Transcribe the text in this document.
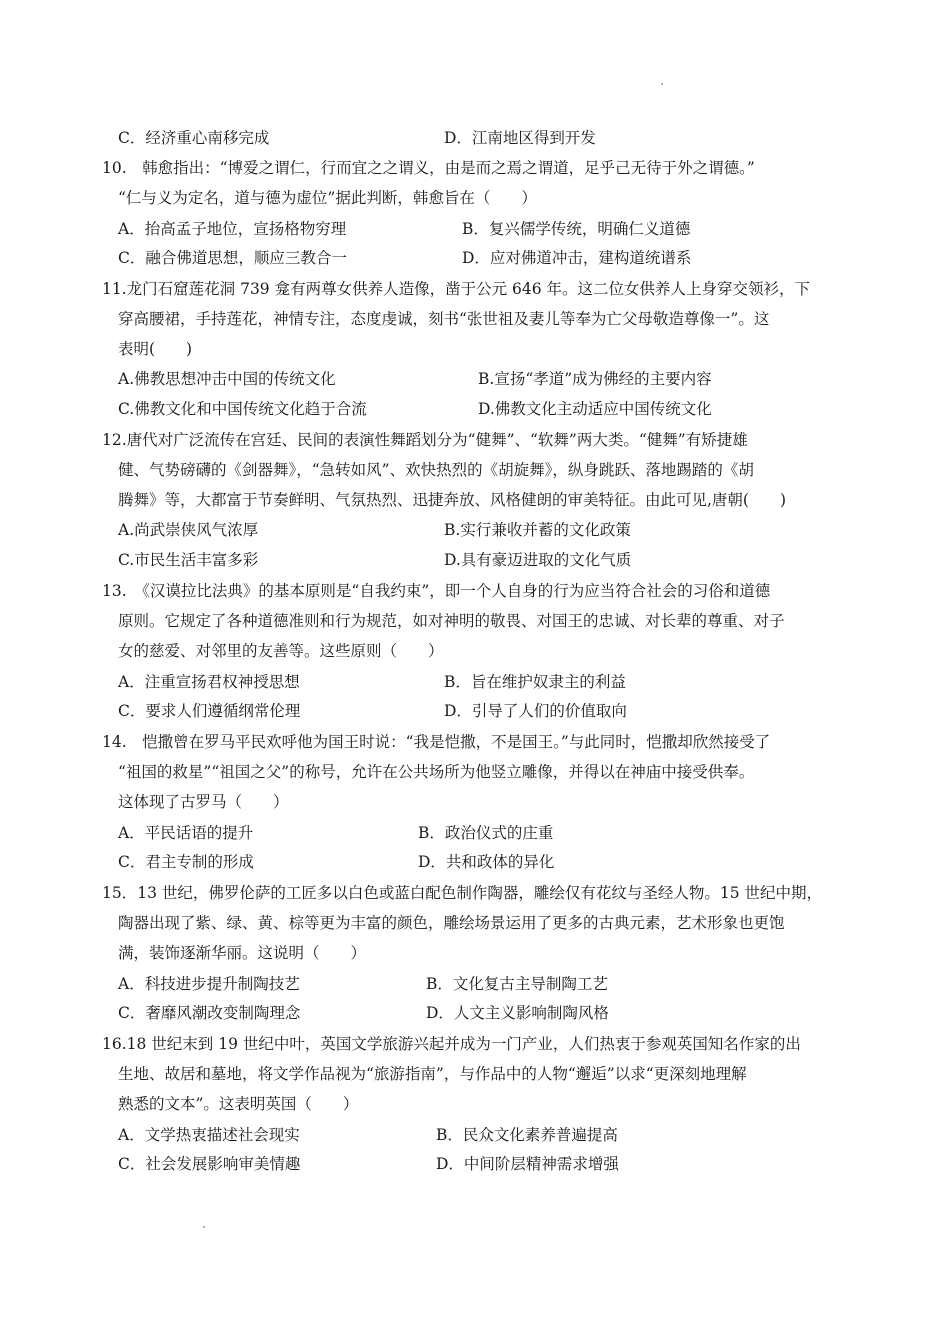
C．经济重心南移完成	D．江南地区得到开发
10.　韩愈指出：“博爱之谓仁，行而宜之之谓义，由是而之焉之谓道，足乎己无待于外之谓德。”
“仁与义为定名，道与德为虚位”据此判断，韩愈旨在（　　）
A．抬高孟子地位，宣扬格物穷理	B．复兴儒学传统，明确仁义道德
C．融合佛道思想，顺应三教合一	D．应对佛道冲击，建构道统谱系
11.龙门石窟莲花洞 739 龛有两尊女供养人造像，凿于公元 646 年。这二位女供养人上身穿交领衫，下
穿高腰裙，手持莲花，神情专注，态度虔诚，刻书“张世祖及妻儿等奉为亡父母敬造尊像一”。这
表明(　　)
A.佛教思想冲击中国的传统文化	B.宣扬“孝道”成为佛经的主要内容
C.佛教文化和中国传统文化趋于合流	D.佛教文化主动适应中国传统文化
12.唐代对广泛流传在宫廷、民间的表演性舞蹈划分为“健舞”、“软舞”两大类。“健舞”有矫捷雄
健、气势磅礴的《剑器舞》，“急转如风”、欢快热烈的《胡旋舞》，纵身跳跃、落地踢踏的《胡
腾舞》等，大都富于节奏鲜明、气氛热烈、迅捷奔放、风格健朗的审美特征。由此可见,唐朝(　　)
A.尚武崇侠风气浓厚	B.实行兼收并蓄的文化政策
C.市民生活丰富多彩	D.具有豪迈进取的文化气质
13.　《汉谟拉比法典》的基本原则是“自我约束”，即一个人自身的行为应当符合社会的习俗和道德
原则。它规定了各种道德准则和行为规范，如对神明的敬畏、对国王的忠诚、对长辈的尊重、对子
女的慈爱、对邻里的友善等。这些原则（　　）
A．注重宣扬君权神授思想	B．旨在维护奴隶主的利益
C．要求人们遵循纲常伦理	D．引导了人们的价值取向
14.　恺撒曾在罗马平民欢呼他为国王时说：“我是恺撒，不是国王。”与此同时，恺撒却欣然接受了
“祖国的救星”“祖国之父”的称号，允许在公共场所为他竖立雕像，并得以在神庙中接受供奉。
这体现了古罗马（　　）
A．平民话语的提升	B．政治仪式的庄重
C．君主专制的形成	D．共和政体的异化
15．13 世纪，佛罗伦萨的工匠多以白色或蓝白配色制作陶器，雕绘仅有花纹与圣经人物。15 世纪中期，
陶器出现了紫、绿、黄、棕等更为丰富的颜色，雕绘场景运用了更多的古典元素，艺术形象也更饱
满，装饰逐渐华丽。这说明（　　）
A．科技进步提升制陶技艺	B．文化复古主导制陶工艺
C．奢靡风潮改变制陶理念	D．人文主义影响制陶风格
16.18 世纪末到 19 世纪中叶，英国文学旅游兴起并成为一门产业，人们热衷于参观英国知名作家的出
生地、故居和墓地，将文学作品视为“旅游指南”，与作品中的人物“邂逅”以求“更深刻地理解
熟悉的文本”。这表明英国（　　）
A．文学热衷描述社会现实	B．民众文化素养普遍提高
C．社会发展影响审美情趣	D．中间阶层精神需求增强
